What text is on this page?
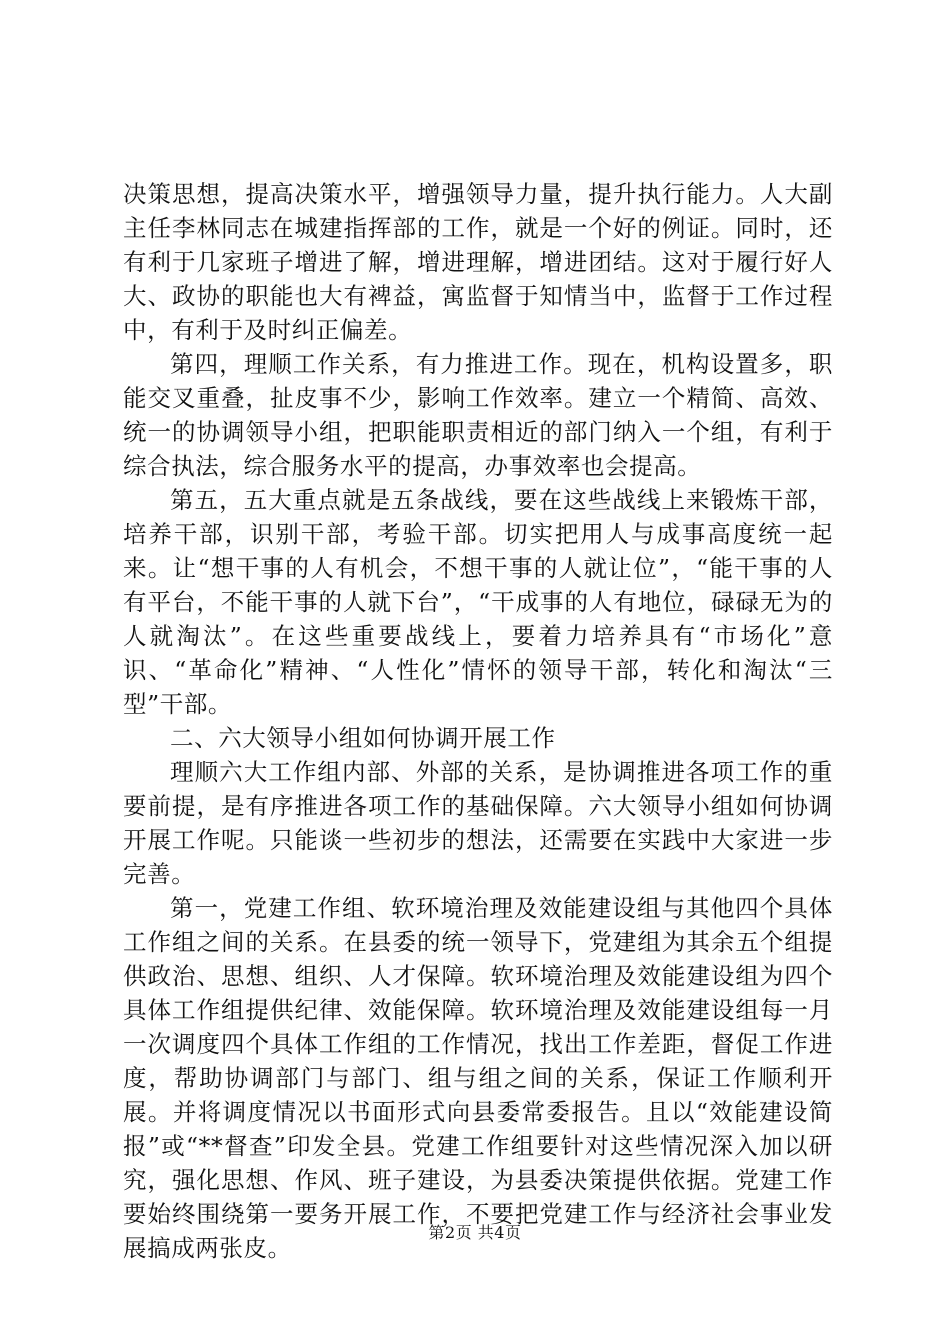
决策思想，提高决策水平，增强领导力量，提升执行能力。人大副主任李林同志在城建指挥部的工作，就是一个好的例证。同时，还有利于几家班子增进了解，增进理解，增进团结。这对于履行好人大、政协的职能也大有裨益，寓监督于知情当中，监督于工作过程中，有利于及时纠正偏差。

第四，理顺工作关系，有力推进工作。现在，机构设置多，职能交叉重叠，扯皮事不少，影响工作效率。建立一个精简、高效、统一的协调领导小组，把职能职责相近的部门纳入一个组，有利于综合执法，综合服务水平的提高，办事效率也会提高。

第五，五大重点就是五条战线，要在这些战线上来锻炼干部，培养干部，识别干部，考验干部。切实把用人与成事高度统一起来。让“想干事的人有机会，不想干事的人就让位”，“能干事的人有平台，不能干事的人就下台”，“干成事的人有地位，碌碌无为的人就淘汰”。在这些重要战线上，要着力培养具有“市场化”意识、“革命化”精神、“人性化”情怀的领导干部，转化和淘汰“三型”干部。

二、六大领导小组如何协调开展工作

理顺六大工作组内部、外部的关系，是协调推进各项工作的重要前提，是有序推进各项工作的基础保障。六大领导小组如何协调开展工作呢。只能谈一些初步的想法，还需要在实践中大家进一步完善。

第一，党建工作组、软环境治理及效能建设组与其他四个具体工作组之间的关系。在县委的统一领导下，党建组为其余五个组提供政治、思想、组织、人才保障。软环境治理及效能建设组为四个具体工作组提供纪律、效能保障。软环境治理及效能建设组每一月一次调度四个具体工作组的工作情况，找出工作差距，督促工作进度，帮助协调部门与部门、组与组之间的关系，保证工作顺利开展。并将调度情况以书面形式向县委常委报告。且以“效能建设简报”或“**督查”印发全县。党建工作组要针对这些情况深入加以研究，强化思想、作风、班子建设，为县委决策提供依据。党建工作要始终围绕第一要务开展工作，不要把党建工作与经济社会事业发展搞成两张皮。

第2页 共4页
